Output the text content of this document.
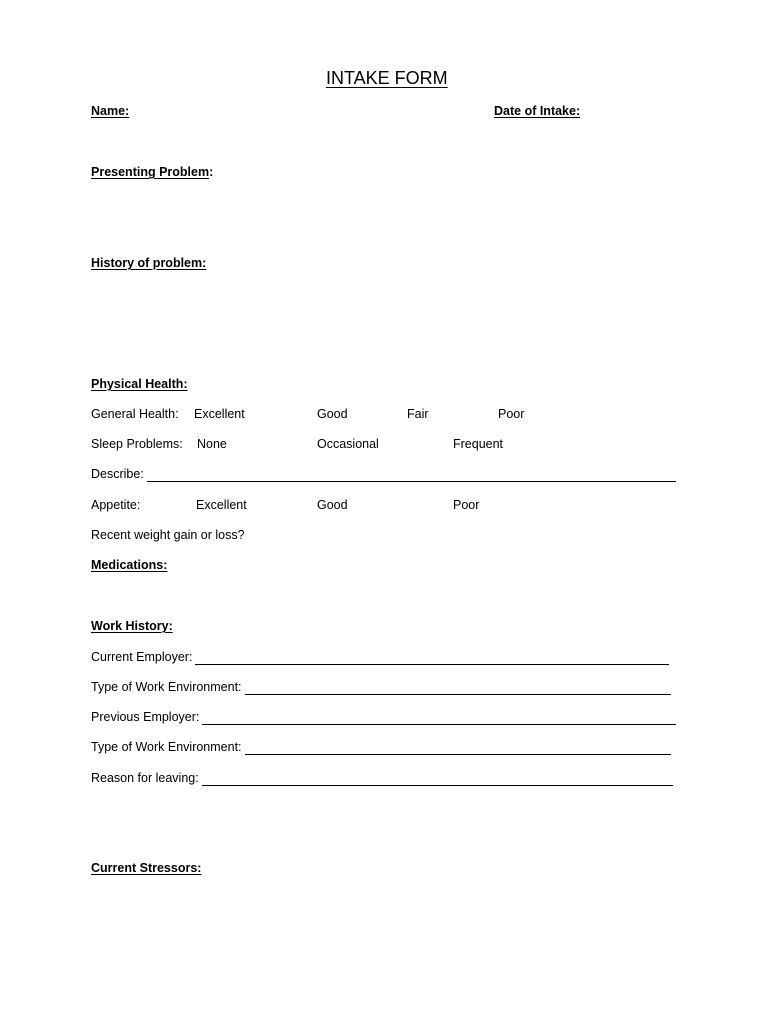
INTAKE FORM
Name:	Date of Intake:
Presenting Problem:
History of problem:
Physical Health:
General Health: Excellent	Good	Fair	Poor
Sleep Problems: None	Occasional	Frequent
Describe:
Appetite:	Excellent	Good	Poor
Recent weight gain or loss?
Medications:
Work History:
Current Employer:
Type of Work Environment:
Previous Employer:
Type of Work Environment:
Reason for leaving:
Current Stressors:
